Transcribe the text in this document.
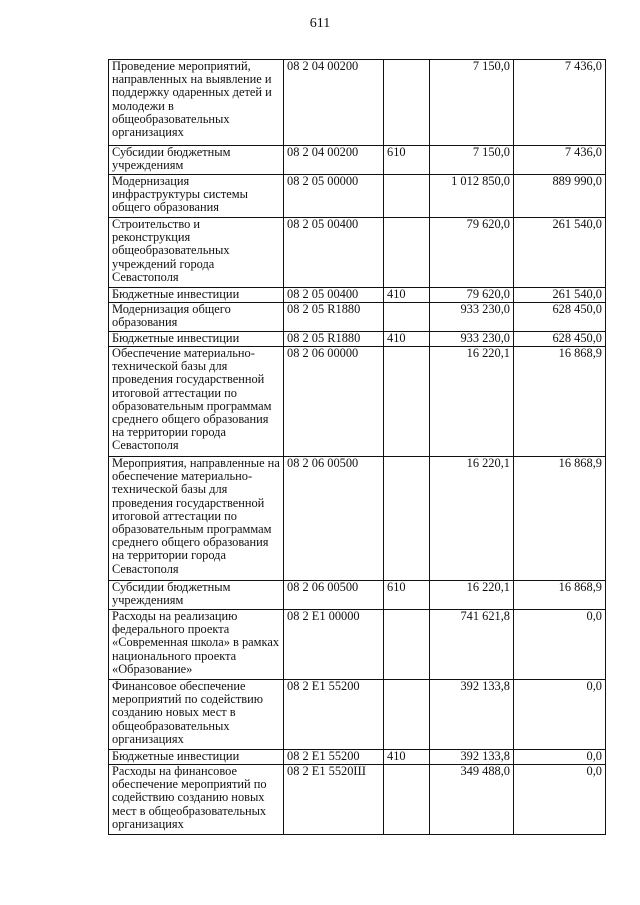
611
Проведение мероприятий, направленных на выявление и поддержку одаренных детей и молодежи в общеобразовательных организациях	08 2 04 00200		7 150,0	7 436,0
Субсидии бюджетным учреждениям	08 2 04 00200	610	7 150,0	7 436,0
Модернизация инфраструктуры системы общего образования	08 2 05 00000		1 012 850,0	889 990,0
Строительство и реконструкция общеобразовательных учреждений города Севастополя	08 2 05 00400		79 620,0	261 540,0
Бюджетные инвестиции	08 2 05 00400	410	79 620,0	261 540,0
Модернизация общего образования	08 2 05 R1880		933 230,0	628 450,0
Бюджетные инвестиции	08 2 05 R1880	410	933 230,0	628 450,0
Обеспечение материально-технической базы для проведения государственной итоговой аттестации по образовательным программам среднего общего образования на территории города Севастополя	08 2 06 00000		16 220,1	16 868,9
Мероприятия, направленные на обеспечение материально-технической базы для проведения государственной итоговой аттестации по образовательным программам среднего общего образования на территории города Севастополя	08 2 06 00500		16 220,1	16 868,9
Субсидии бюджетным учреждениям	08 2 06 00500	610	16 220,1	16 868,9
Расходы на реализацию федерального проекта «Современная школа» в рамках национального проекта «Образование»	08 2 E1 00000		741 621,8	0,0
Финансовое обеспечение мероприятий по содействию созданию новых мест в общеобразовательных организациях	08 2 E1 55200		392 133,8	0,0
Бюджетные инвестиции	08 2 E1 55200	410	392 133,8	0,0
Расходы на финансовое обеспечение мероприятий по содействию созданию новых мест в общеобразовательных организациях	08 2 E1 5520Ш		349 488,0	0,0
